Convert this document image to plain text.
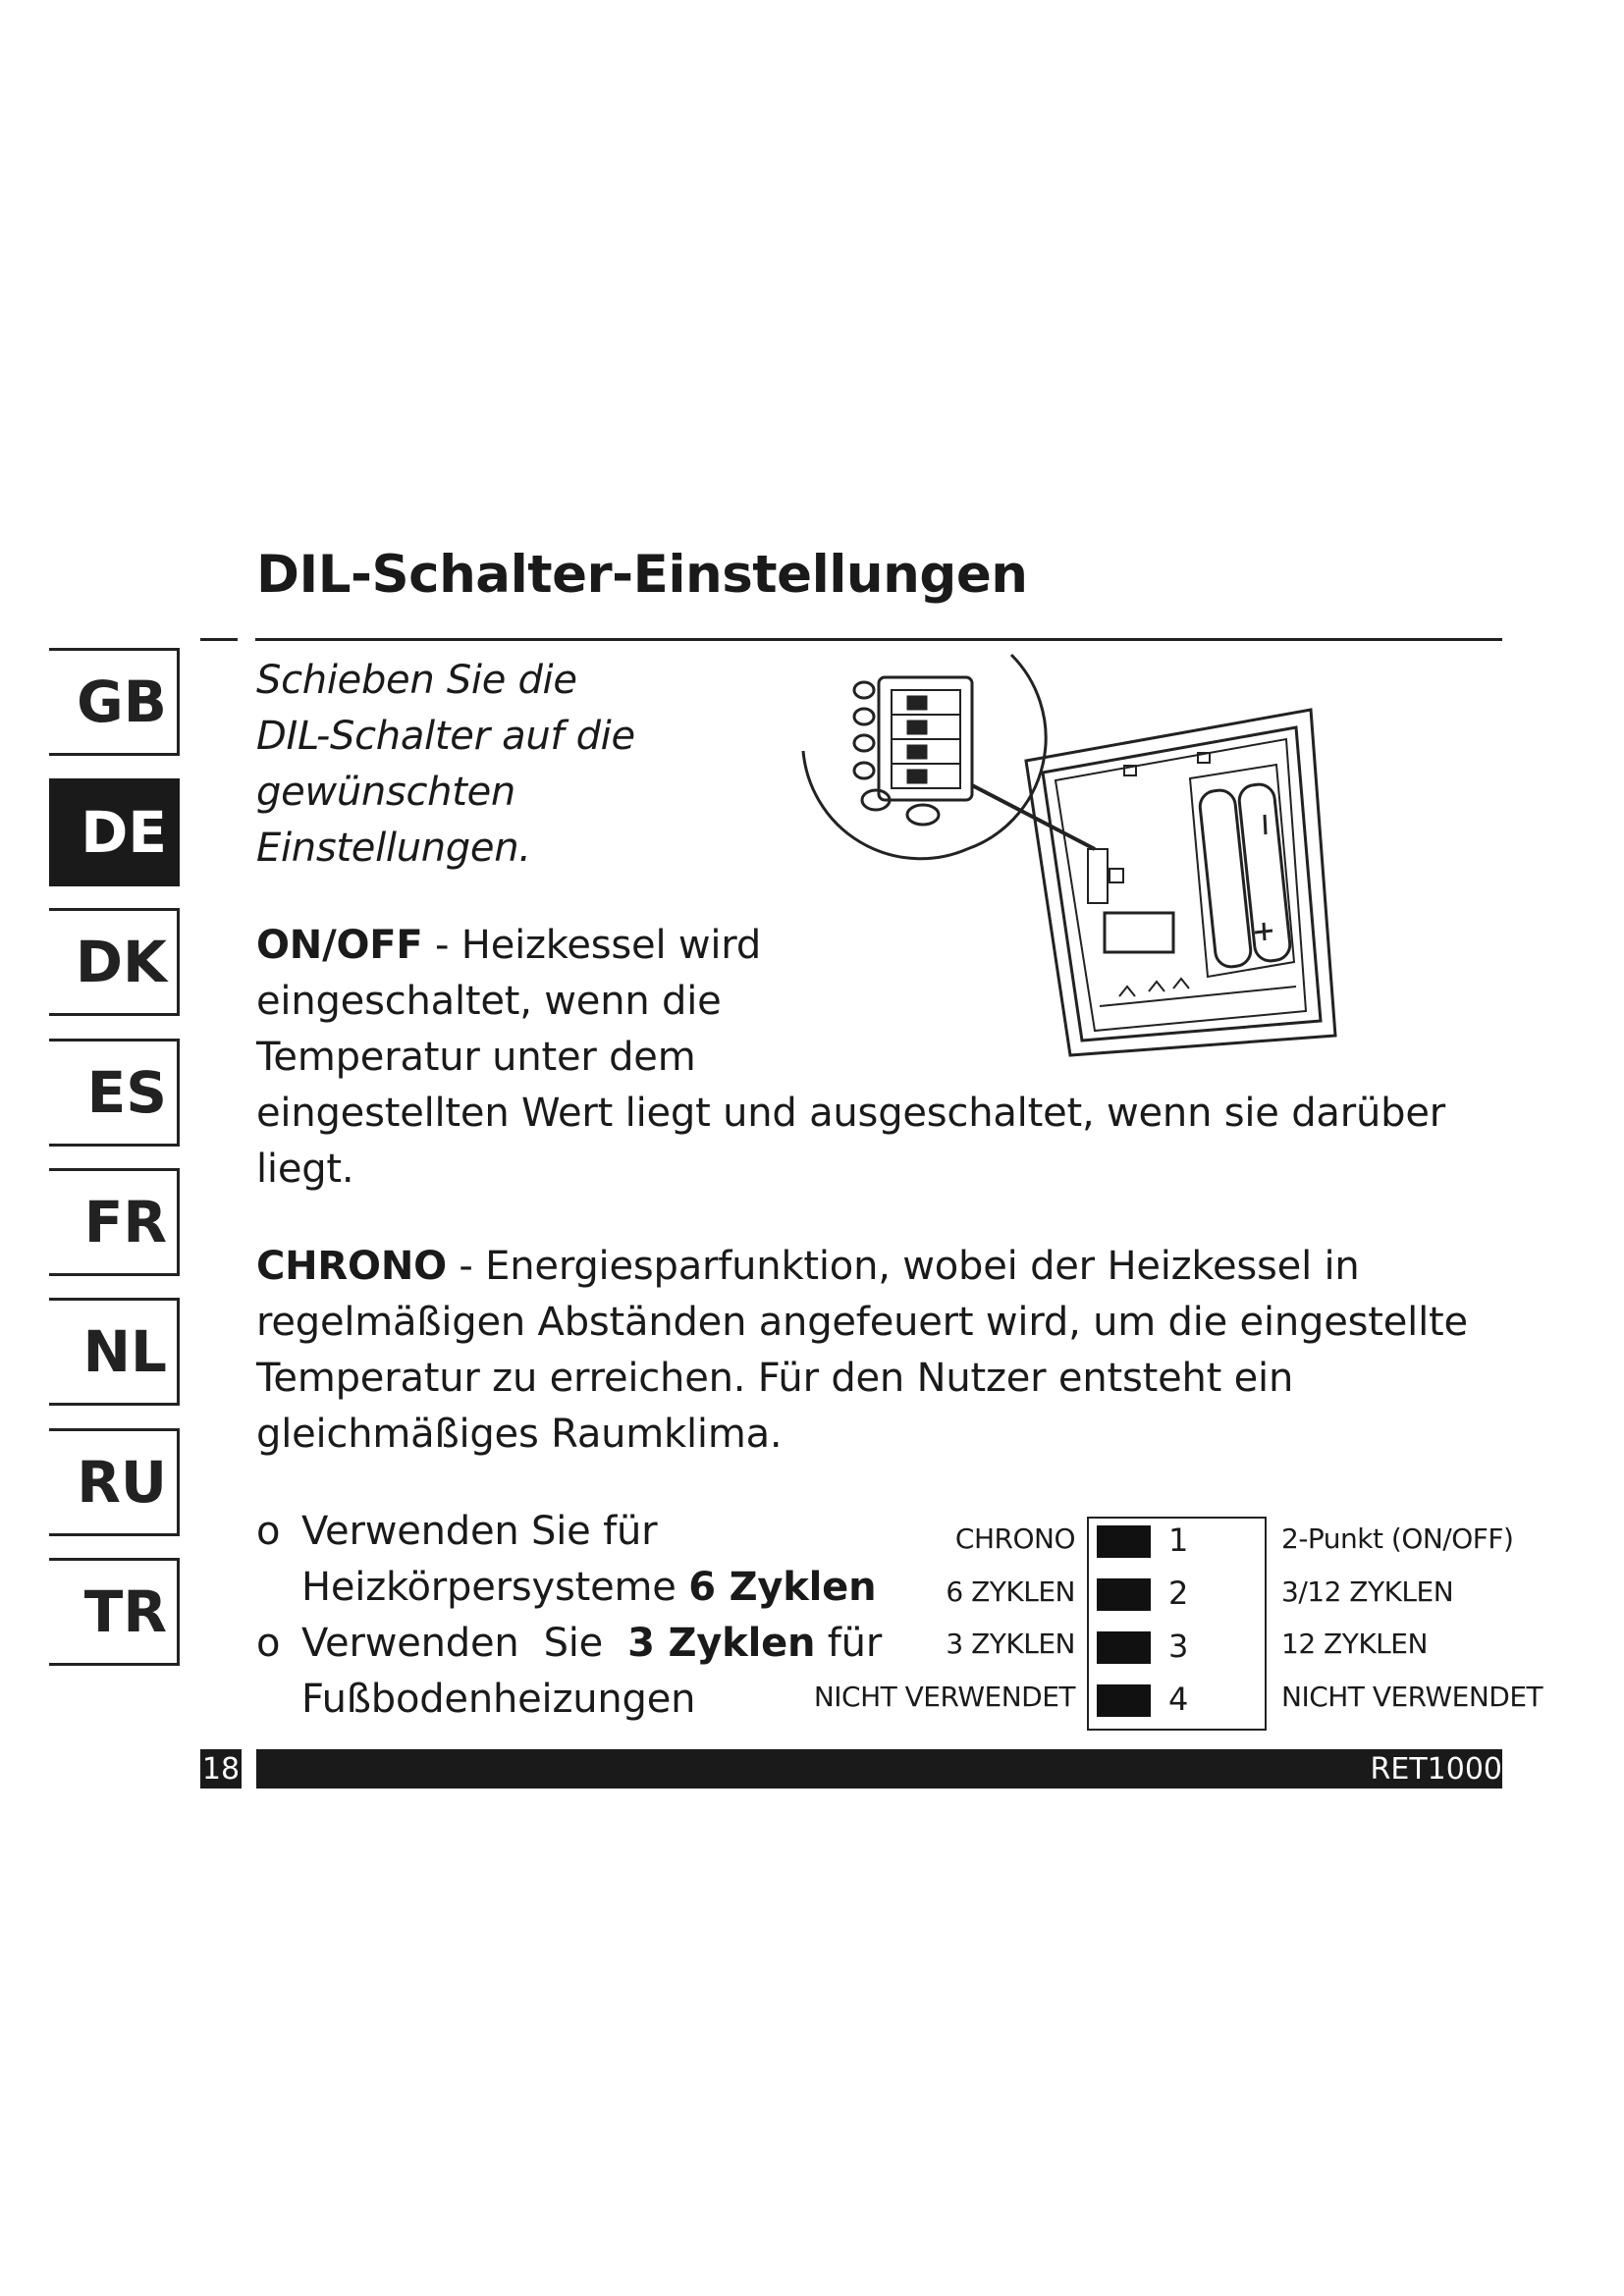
DIL-Schalter-Einstellungen
GB
DE
DK
ES
FR
NL
RU
TR
Schieben Sie die
DIL-Schalter auf die
gewünschten
Einstellungen.
ON/OFF - Heizkessel wird
eingeschaltet, wenn die
Temperatur unter dem
eingestellten Wert liegt und ausgeschaltet, wenn sie darüber
liegt.
CHRONO - Energiesparfunktion, wobei der Heizkessel in
regelmäßigen Abständen angefeuert wird, um die eingestellte
Temperatur zu erreichen. Für den Nutzer entsteht ein
gleichmäßiges Raumklima.
o Verwenden Sie für
Heizkörpersysteme 6 Zyklen
o Verwenden  Sie  3 Zyklen für
Fußbodenheizungen
CHRONO
6 ZYKLEN
3 ZYKLEN
NICHT VERWENDET
1
2
3
4
2-Punkt (ON/OFF)
3/12 ZYKLEN
12 ZYKLEN
NICHT VERWENDET
18	RET1000
